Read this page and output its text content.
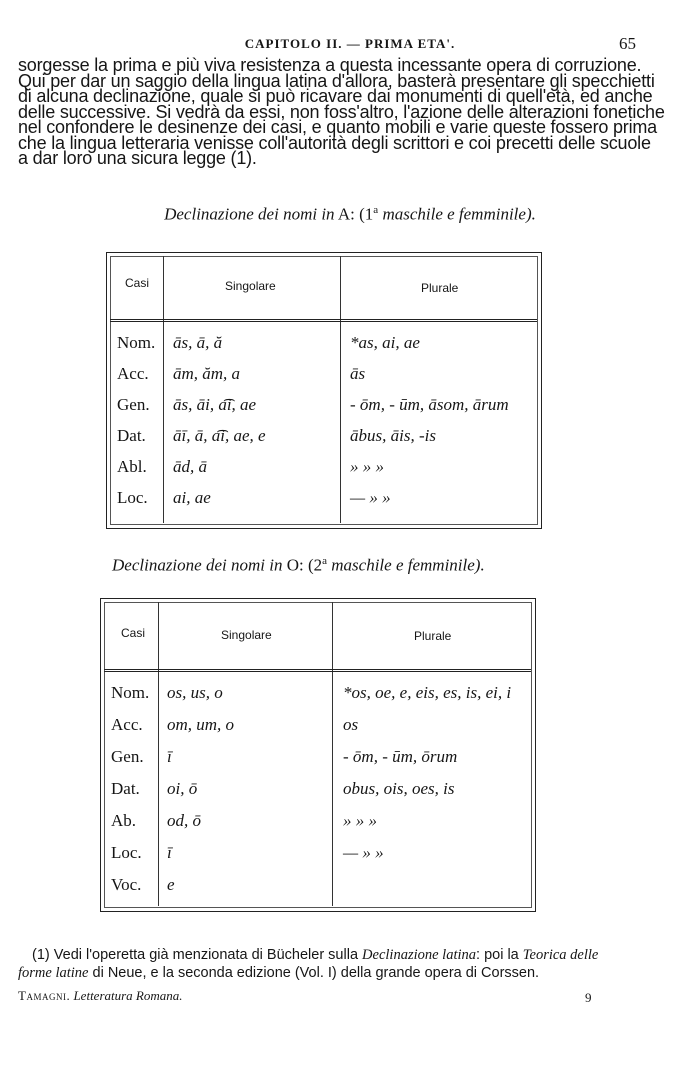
CAPITOLO II. — PRIMA ETA'.	65
sorgesse la prima e più viva resistenza a questa incessante opera di corruzione.
Qui per dar un saggio della lingua latina d'allora, basterà presentare gli specchietti
di alcuna declinazione, quale si può ricavare dai monumenti di quell'età, ed anche
delle successive. Si vedrà da essi, non foss'altro, l'azione delle alterazioni fonetiche
nel confondere le desinenze dei casi, e quanto mobili e varie queste fossero prima
che la lingua letteraria venisse coll'autorità degli scrittori e coi precetti delle scuole
a dar loro una sicura legge (1).
Declinazione dei nomi in A: (1$^a$ maschile e femminile).
Casi	Singolare	Plurale
Nom. ās, ā, ă	*as, ai, ae
Acc. ām, ăm, a	ās
Gen. ās, āi, a͡i, ae	- ōm, - ūm, āsom, ārum
Dat. āī, ā, a͡i, ae, e	ābus, āis, -is
Abl. ād, ā	» » »
Loc. ai, ae	— » »
Declinazione dei nomi in O: (2$^a$ maschile e femminile).
Casi	Singolare	Plurale
Nom. os, us, o	*os, oe, e, eis, es, is, ei, i
Acc. om, um, o	os
Gen. ī	- ōm, - ūm, ōrum
Dat. oi, ō	obus, ois, oes, is
Ab. od, ō	» » »
Loc. ī	— » »
Voc. e
(1) Vedi l'operetta già menzionata di Bücheler sulla Declinazione latina: poi la Teorica delle
forme latine di Neue, e la seconda edizione (Vol. I) della grande opera di Corssen.
Tamagni. Letteratura Romana.	9
